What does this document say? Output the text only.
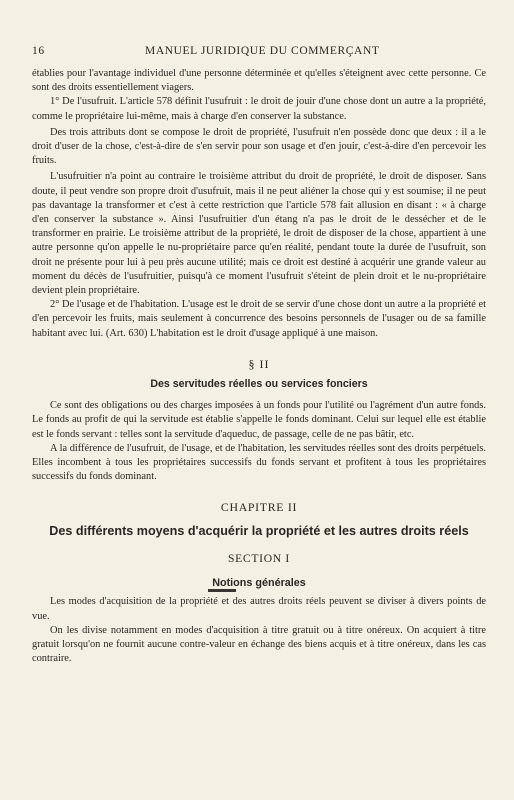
16	MANUEL JURIDIQUE DU COMMERÇANT

établies pour l'avantage individuel d'une personne déterminée et qu'elles s'éteignent avec cette personne. Ce sont des droits essentiellement viagers.

1° De l'usufruit. L'article 578 définit l'usufruit : le droit de jouir d'une chose dont un autre a la propriété, comme le propriétaire lui-même, mais à charge d'en conserver la substance.

Des trois attributs dont se compose le droit de propriété, l'usufruit n'en possède donc que deux : il a le droit d'user de la chose, c'est-à-dire de s'en servir pour son usage et d'en jouir, c'est-à-dire d'en percevoir les fruits.

L'usufruitier n'a point au contraire le troisième attribut du droit de propriété, le droit de disposer. Sans doute, il peut vendre son propre droit d'usufruit, mais il ne peut aliéner la chose qui y est soumise; il ne peut pas davantage la transformer et c'est à cette restriction que l'article 578 fait allusion en disant : « à charge d'en conserver la substance ». Ainsi l'usufruitier d'un étang n'a pas le droit de le dessécher et de le transformer en prairie. Le troisième attribut de la propriété, le droit de disposer de la chose, appartient à une autre personne qu'on appelle le nu-propriétaire parce qu'en réalité, pendant toute la durée de l'usufruit, son droit ne présente pour lui à peu près aucune utilité; mais ce droit est destiné à acquérir une grande valeur au moment du décès de l'usufruitier, puisqu'à ce moment l'usufruit s'éteint de plein droit et le nu-propriétaire devient plein propriétaire.

2° De l'usage et de l'habitation. L'usage est le droit de se servir d'une chose dont un autre a la propriété et d'en percevoir les fruits, mais seulement à concurrence des besoins personnels de l'usager ou de sa famille habitant avec lui. (Art. 630) L'habitation est le droit d'usage appliqué à une maison.

§ II
Des servitudes réelles ou services fonciers

Ce sont des obligations ou des charges imposées à un fonds pour l'utilité ou l'agrément d'un autre fonds. Le fonds au profit de qui la servitude est établie s'appelle le fonds dominant. Celui sur lequel elle est établie est le fonds servant : telles sont la servitude d'aqueduc, de passage, celle de ne pas bâtir, etc.

A la différence de l'usufruit, de l'usage, et de l'habitation, les servitudes réelles sont des droits perpétuels. Elles incombent à tous les propriétaires successifs du fonds servant et profitent à tous les propriétaires successifs du fonds dominant.

CHAPITRE II
Des différents moyens d'acquérir la propriété et les autres droits réels
SECTION I
Notions générales

Les modes d'acquisition de la propriété et des autres droits réels peuvent se diviser à divers points de vue.

On les divise notamment en modes d'acquisition à titre gratuit ou à titre onéreux. On acquiert à titre gratuit lorsqu'on ne fournit aucune contre-valeur en échange des biens acquis et à titre onéreux, dans les cas contraire.
